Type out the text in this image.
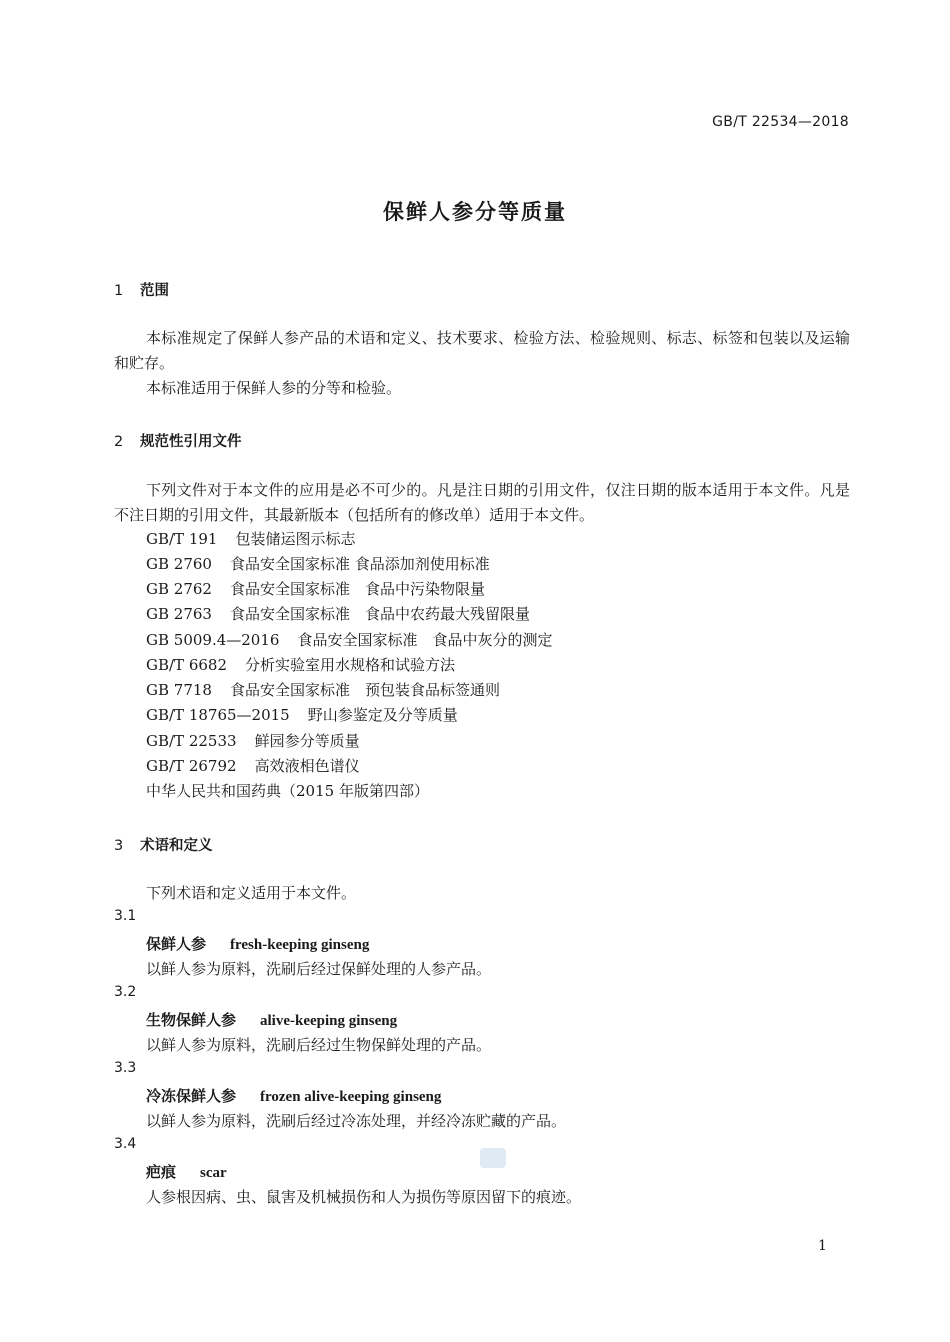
GB/T 22534—2018
保鲜人参分等质量
1 范围
本标准规定了保鲜人参产品的术语和定义、技术要求、检验方法、检验规则、标志、标签和包装以及运输和贮存。
本标准适用于保鲜人参的分等和检验。
2 规范性引用文件
下列文件对于本文件的应用是必不可少的。凡是注日期的引用文件，仅注日期的版本适用于本文件。凡是不注日期的引用文件，其最新版本（包括所有的修改单）适用于本文件。
GB/T 191 包装储运图示标志
GB 2760 食品安全国家标准 食品添加剂使用标准
GB 2762 食品安全国家标准　食品中污染物限量
GB 2763 食品安全国家标准　食品中农药最大残留限量
GB 5009.4—2016 食品安全国家标准　食品中灰分的测定
GB/T 6682 分析实验室用水规格和试验方法
GB 7718 食品安全国家标准　预包装食品标签通则
GB/T 18765—2015 野山参鉴定及分等质量
GB/T 22533 鲜园参分等质量
GB/T 26792 高效液相色谱仪
中华人民共和国药典（2015 年版第四部）
3 术语和定义
下列术语和定义适用于本文件。
3.1
保鲜人参 fresh-keeping ginseng
以鲜人参为原料，洗刷后经过保鲜处理的人参产品。
3.2
生物保鲜人参 alive-keeping ginseng
以鲜人参为原料，洗刷后经过生物保鲜处理的产品。
3.3
冷冻保鲜人参 frozen alive-keeping ginseng
以鲜人参为原料，洗刷后经过冷冻处理，并经冷冻贮藏的产品。
3.4
疤痕 scar
人参根因病、虫、鼠害及机械损伤和人为损伤等原因留下的痕迹。
1
